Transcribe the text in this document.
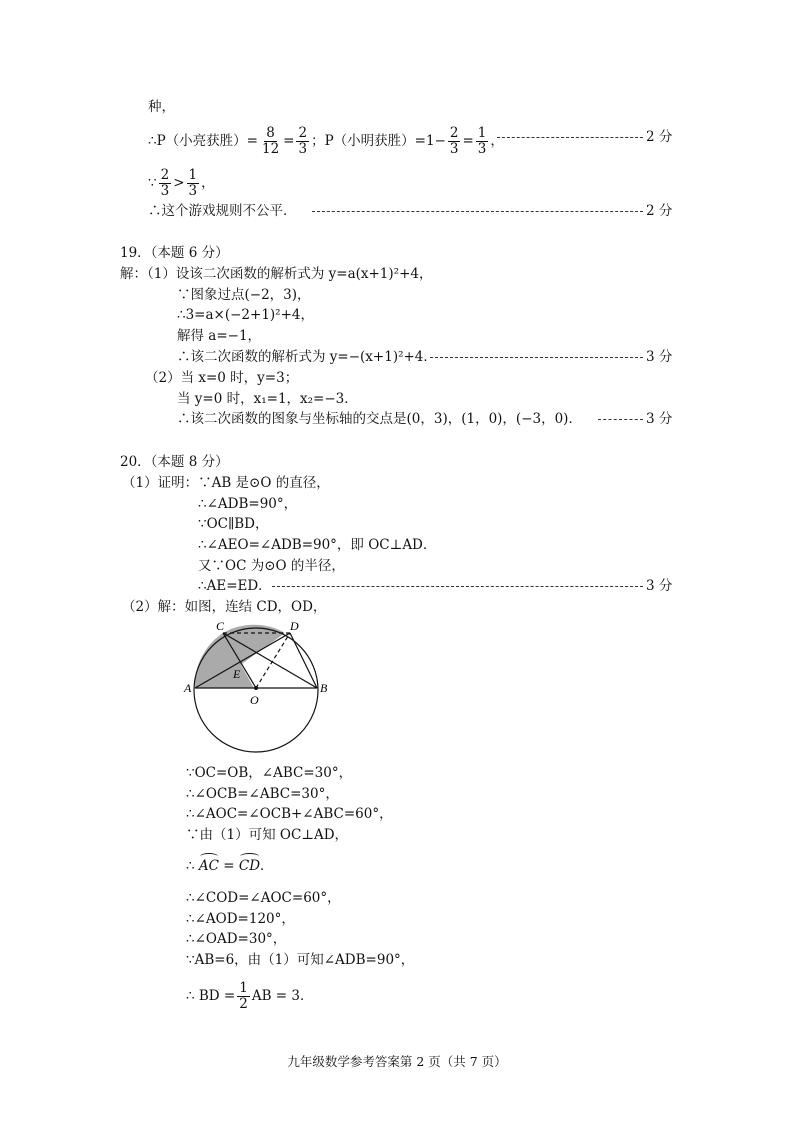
种，
∴P（小亮获胜）= $\frac{8}{12} = \frac{2}{3}$ ；P（小明获胜）$=1- \frac{2}{3} = \frac{1}{3}$ ，	2 分
∵ $\frac{2}{3} > \frac{1}{3}$ ，
∴这个游戏规则不公平．	2 分
19．（本题 6 分）
解：（1）设该二次函数的解析式为 y=a(x+1)²+4，
∵图象过点(−2，3)，
∴3=a×(−2+1)²+4，
解得 a=−1，
∴该二次函数的解析式为 y=−(x+1)²+4．	3 分
（2）当 x=0 时，y=3；
当 y=0 时，x₁=1，x₂=−3．
∴该二次函数的图象与坐标轴的交点是(0，3)，(1，0)，(−3，0)．	3 分
20．（本题 8 分）
（1）证明：∵AB 是⊙O 的直径，
∴∠ADB=90°，
∵OC∥BD，
∴∠AEO=∠ADB=90°，即 OC⊥AD．
又∵OC 为⊙O 的半径，
∴AE=ED．	3 分
（2）解：如图，连结 CD，OD，
C	D
E
A	B
O
∵OC=OB，∠ABC=30°，
∴∠OCB=∠ABC=30°，
∴∠AOC=∠OCB+∠ABC=60°，
∵由（1）可知 OC⊥AD，
∴ AC = CD．
∴∠COD=∠AOC=60°，
∴∠AOD=120°，
∴∠OAD=30°，
∵AB=6，由（1）可知∠ADB=90°，
∴ BD = $\frac{1}{2}$ AB = 3．
九年级数学参考答案第 2 页（共 7 页）
